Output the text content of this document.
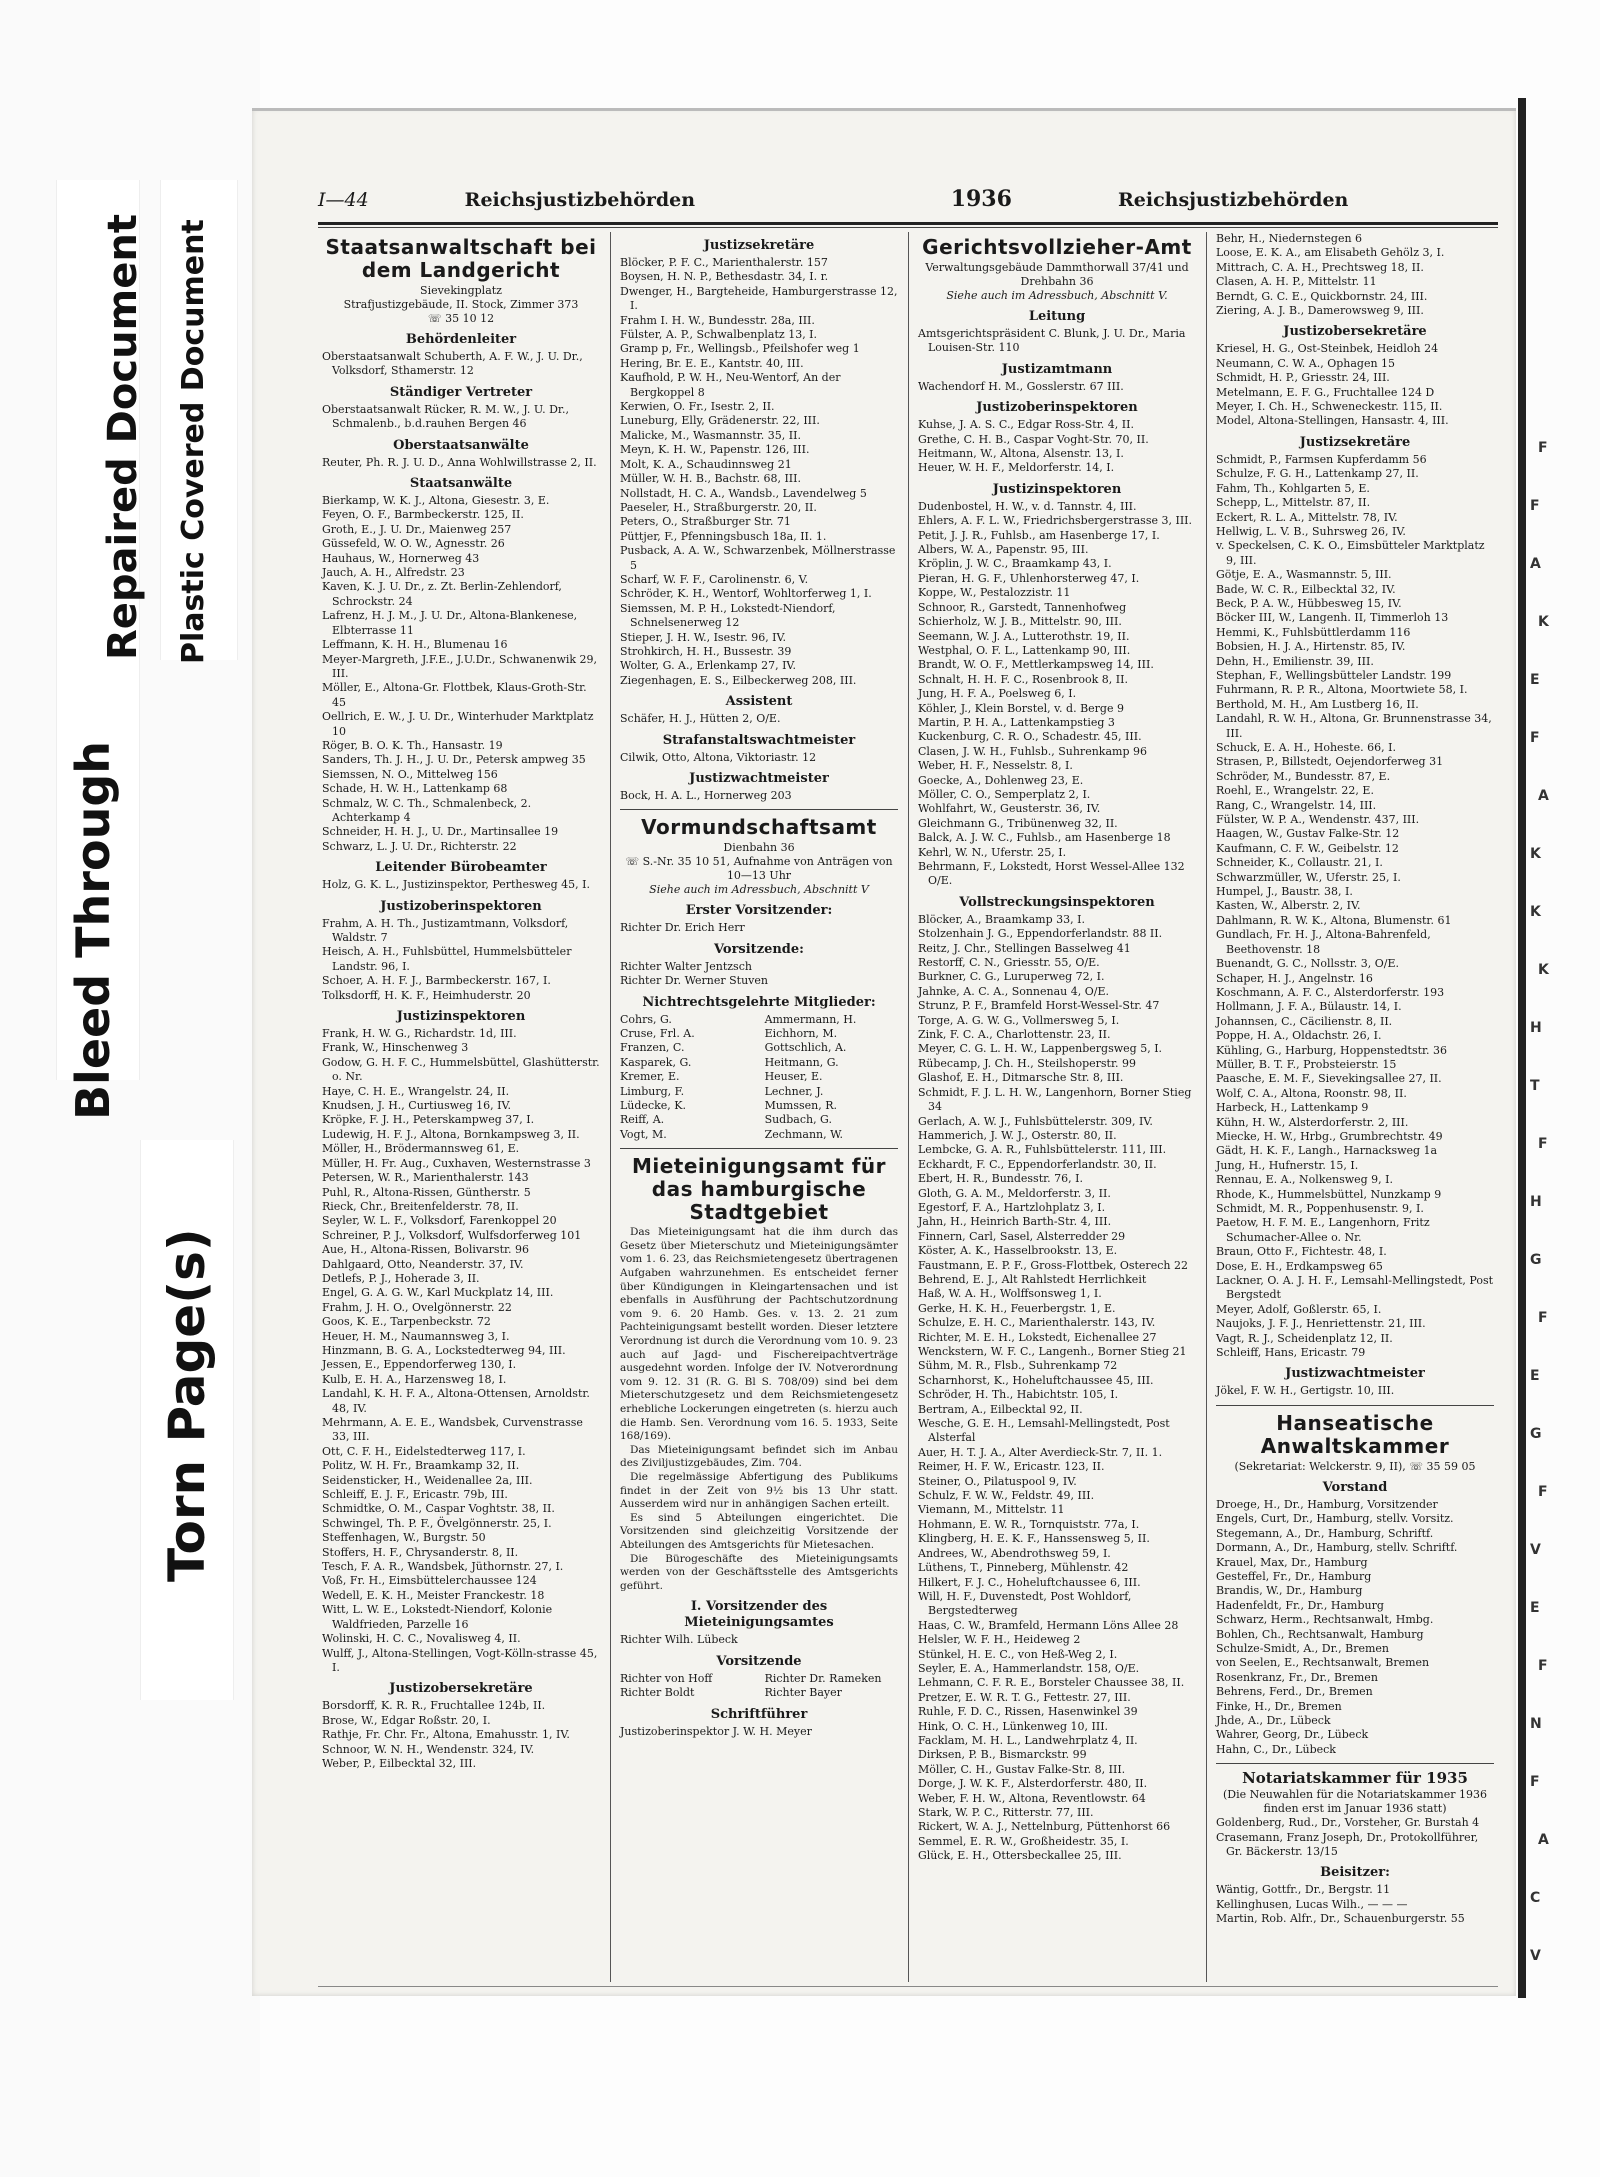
Bleed Through
Repaired Document Plastic Covered Document
Torn Page(s)
F
F
A
K
E
F
A
K
K
K
H
T
F
H
G
F
E
G
F
V
E
F
N
F
A
C
V
I—44	Reichsjustizbehörden	1936	Reichsjustizbehörden
Staatsanwaltschaft bei dem Landgericht
Sievekingplatz
Strafjustizgebäude, II. Stock, Zimmer 373
☏ 35 10 12
Behördenleiter
Oberstaatsanwalt Schuberth, A. F. W., J. U. Dr., Volksdorf, Sthamerstr. 12
Ständiger Vertreter
Oberstaatsanwalt Rücker, R. M. W., J. U. Dr., Schmalenb., b.d.rauhen Bergen 46
Oberstaatsanwälte
Reuter, Ph. R. J. U. D., Anna Wohlwillstrasse 2, II.
Staatsanwälte
Bierkamp, W. K. J., Altona, Giesestr. 3, E.
Feyen, O. F., Barmbeckerstr. 125, II.
Groth, E., J. U. Dr., Maienweg 257
Güssefeld, W. O. W., Agnesstr. 26
Hauhaus, W., Hornerweg 43
Jauch, A. H., Alfredstr. 23
Kaven, K. J. U. Dr., z. Zt. Berlin-Zehlendorf, Schrockstr. 24
Lafrenz, H. J. M., J. U. Dr., Altona-Blankenese, Elbterrasse 11
Leffmann, K. H. H., Blumenau 16
Meyer-Margreth, J.F.E., J.U.Dr., Schwanenwik 29, III.
Möller, E., Altona-Gr. Flottbek, Klaus-Groth-Str. 45
Oellrich, E. W., J. U. Dr., Winterhuder Marktplatz 10
Röger, B. O. K. Th., Hansastr. 19
Sanders, Th. J. H., J. U. Dr., Petersk ampweg 35
Siemssen, N. O., Mittelweg 156
Schade, H. W. H., Lattenkamp 68
Schmalz, W. C. Th., Schmalenbeck, 2. Achterkamp 4
Schneider, H. H. J., U. Dr., Martinsallee 19
Schwarz, L. J. U. Dr., Richterstr. 22
Leitender Bürobeamter
Holz, G. K. L., Justizinspektor, Perthesweg 45, I.
Justizoberinspektoren
Frahm, A. H. Th., Justizamtmann, Volksdorf, Waldstr. 7
Heisch, A. H., Fuhlsbüttel, Hummelsbütteler Landstr. 96, I.
Schoer, A. H. F. J., Barmbeckerstr. 167, I.
Tolksdorff, H. K. F., Heimhuderstr. 20
Justizinspektoren
Frank, H. W. G., Richardstr. 1d, III.
Frank, W., Hinschenweg 3
Godow, G. H. F. C., Hummelsbüttel, Glashütterstr. o. Nr.
Haye, C. H. E., Wrangelstr. 24, II.
Knudsen, J. H., Curtiusweg 16, IV.
Kröpke, F. J. H., Peterskampweg 37, I.
Ludewig, H. F. J., Altona, Bornkampsweg 3, II.
Möller, H., Brödermannsweg 61, E.
Müller, H. Fr. Aug., Cuxhaven, Westernstrasse 3
Petersen, W. R., Marienthalerstr. 143
Puhl, R., Altona-Rissen, Güntherstr. 5
Rieck, Chr., Breitenfelderstr. 78, II.
Seyler, W. L. F., Volksdorf, Farenkoppel 20
Schreiner, P. J., Volksdorf, Wulfsdorferweg 101
Aue, H., Altona-Rissen, Bolivarstr. 96
Dahlgaard, Otto, Neanderstr. 37, IV.
Detlefs, P. J., Hoherade 3, II.
Engel, G. A. G. W., Karl Muckplatz 14, III.
Frahm, J. H. O., Ovelgönnerstr. 22
Goos, K. E., Tarpenbeckstr. 72
Heuer, H. M., Naumannsweg 3, I.
Hinzmann, B. G. A., Lockstedterweg 94, III.
Jessen, E., Eppendorferweg 130, I.
Kulb, E. H. A., Harzensweg 18, I.
Landahl, K. H. F. A., Altona-Ottensen, Arnoldstr. 48, IV.
Mehrmann, A. E. E., Wandsbek, Curvenstrasse 33, III.
Ott, C. F. H., Eidelstedterweg 117, I.
Politz, W. H. Fr., Braamkamp 32, II.
Seidensticker, H., Weidenallee 2a, III.
Schleiff, E. J. F., Ericastr. 79b, III.
Schmidtke, O. M., Caspar Voghtstr. 38, II.
Schwingel, Th. P. F., Övelgönnerstr. 25, I.
Steffenhagen, W., Burgstr. 50
Stoffers, H. F., Chrysanderstr. 8, II.
Tesch, F. A. R., Wandsbek, Jüthornstr. 27, I.
Voß, Fr. H., Eimsbüttelerchaussee 124
Wedell, E. K. H., Meister Franckestr. 18
Witt, L. W. E., Lokstedt-Niendorf, Kolonie Waldfrieden, Parzelle 16
Wolinski, H. C. C., Novalisweg 4, II.
Wulff, J., Altona-Stellingen, Vogt-Kölln-strasse 45, I.
Justizobersekretäre
Borsdorff, K. R. R., Fruchtallee 124b, II.
Brose, W., Edgar Roßstr. 20, I.
Rathje, Fr. Chr. Fr., Altona, Emahusstr. 1, IV.
Schnoor, W. N. H., Wendenstr. 324, IV.
Weber, P., Eilbecktal 32, III.
Justizsekretäre
Blöcker, P. F. C., Marienthalerstr. 157
Boysen, H. N. P., Bethesdastr. 34, I. r.
Dwenger, H., Bargteheide, Hamburgerstrasse 12, I.
Frahm I. H. W., Bundesstr. 28a, III.
Fülster, A. P., Schwalbenplatz 13, I.
Gramp p, Fr., Wellingsb., Pfeilshofer weg 1
Hering, Br. E. E., Kantstr. 40, III.
Kaufhold, P. W. H., Neu-Wentorf, An der Bergkoppel 8
Kerwien, O. Fr., Isestr. 2, II.
Luneburg, Elly, Grädenerstr. 22, III.
Malicke, M., Wasmannstr. 35, II.
Meyn, K. H. W., Papenstr. 126, III.
Molt, K. A., Schaudinnsweg 21
Müller, W. H. B., Bachstr. 68, III.
Nollstadt, H. C. A., Wandsb., Lavendelweg 5
Paeseler, H., Straßburgerstr. 20, II.
Peters, O., Straßburger Str. 71
Püttjer, F., Pfenningsbusch 18a, II. 1.
Pusback, A. A. W., Schwarzenbek, Möllnerstrasse 5
Scharf, W. F. F., Carolinenstr. 6, V.
Schröder, K. H., Wentorf, Wohltorferweg 1, I.
Siemssen, M. P. H., Lokstedt-Niendorf, Schnelsenerweg 12
Stieper, J. H. W., Isestr. 96, IV.
Strohkirch, H. H., Bussestr. 39
Wolter, G. A., Erlenkamp 27, IV.
Ziegenhagen, E. S., Eilbeckerweg 208, III.
Assistent
Schäfer, H. J., Hütten 2, O/E.
Strafanstaltswachtmeister
Cilwik, Otto, Altona, Viktoriastr. 12
Justizwachtmeister
Bock, H. A. L., Hornerweg 203
Vormundschaftsamt
Dienbahn 36
☏ S.-Nr. 35 10 51, Aufnahme von Anträgen von 10—13 Uhr
Siehe auch im Adressbuch, Abschnitt V
Erster Vorsitzender:
Richter Dr. Erich Herr
Vorsitzende:
Richter Walter Jentzsch
Richter Dr. Werner Stuven
Nichtrechtsgelehrte Mitglieder:
Cohrs, G.	Ammermann, H.
Cruse, Frl. A.	Eichhorn, M.
Franzen, C.	Gottschlich, A.
Kasparek, G.	Heitmann, G.
Kremer, E.	Heuser, E.
Limburg, F.	Lechner, J.
Lüdecke, K.	Mumssen, R.
Reiff, A.	Sudbach, G.
Vogt, M.	Zechmann, W.
Mieteinigungsamt für das hamburgische Stadtgebiet
Das Mieteinigungsamt hat die ihm durch das Gesetz über Mieterschutz und Mieteinigungsämter vom 1. 6. 23, das Reichsmietengesetz übertragenen Aufgaben wahrzunehmen. Es entscheidet ferner über Kündigungen in Kleingartensachen und ist ebenfalls in Ausführung der Pachtschutzordnung vom 9. 6. 20 Hamb. Ges. v. 13. 2. 21 zum Pachteinigungsamt bestellt worden. Dieser letztere Verordnung ist durch die Verordnung vom 10. 9. 23 auch auf Jagd- und Fischereipachtverträge ausgedehnt worden. Infolge der IV. Notverordnung vom 9. 12. 31 (R. G. Bl S. 708/09) sind bei dem Mieterschutzgesetz und dem Reichsmietengesetz erhebliche Lockerungen eingetreten (s. hierzu auch die Hamb. Sen. Verordnung vom 16. 5. 1933, Seite 168/169).
Das Mieteinigungsamt befindet sich im Anbau des Ziviljustizgebäudes, Zim. 704.
Die regelmässige Abfertigung des Publikums findet in der Zeit von 9½ bis 13 Uhr statt. Ausserdem wird nur in anhängigen Sachen erteilt.
Es sind 5 Abteilungen eingerichtet. Die Vorsitzenden sind gleichzeitig Vorsitzende der Abteilungen des Amtsgerichts für Mietesachen.
Die Bürogeschäfte des Mieteinigungsamts werden von der Geschäftsstelle des Amtsgerichts geführt.
I. Vorsitzender des Mieteinigungsamtes
Richter Wilh. Lübeck
Vorsitzende
Richter von Hoff	Richter Dr. Rameken
Richter Boldt	Richter Bayer
Schriftführer
Justizoberinspektor J. W. H. Meyer
Gerichtsvollzieher-Amt
Verwaltungsgebäude Dammthorwall 37/41 und Drehbahn 36
Siehe auch im Adressbuch, Abschnitt V.
Leitung
Amtsgerichtspräsident C. Blunk, J. U. Dr., Maria Louisen-Str. 110
Justizamtmann
Wachendorf H. M., Gosslerstr. 67 III.
Justizoberinspektoren
Kuhse, J. A. S. C., Edgar Ross-Str. 4, II.
Grethe, C. H. B., Caspar Voght-Str. 70, II.
Heitmann, W., Altona, Alsenstr. 13, I.
Heuer, W. H. F., Meldorferstr. 14, I.
Justizinspektoren
Dudenbostel, H. W., v. d. Tannstr. 4, III.
Ehlers, A. F. L. W., Friedrichsbergerstrasse 3, III.
Petit, J. J. R., Fuhlsb., am Hasenberge 17, I.
Albers, W. A., Papenstr. 95, III.
Kröplin, J. W. C., Braamkamp 43, I.
Pieran, H. G. F., Uhlenhorsterweg 47, I.
Koppe, W., Pestalozzistr. 11
Schnoor, R., Garstedt, Tannenhofweg
Schierholz, W. J. B., Mittelstr. 90, III.
Seemann, W. J. A., Lutterothstr. 19, II.
Westphal, O. F. L., Lattenkamp 90, III.
Brandt, W. O. F., Mettlerkampsweg 14, III.
Schnalt, H. H. F. C., Rosenbrook 8, II.
Jung, H. F. A., Poelsweg 6, I.
Köhler, J., Klein Borstel, v. d. Berge 9
Martin, P. H. A., Lattenkampstieg 3
Kuckenburg, C. R. O., Schadestr. 45, III.
Clasen, J. W. H., Fuhlsb., Suhrenkamp 96
Weber, H. F., Nesselstr. 8, I.
Goecke, A., Dohlenweg 23, E.
Möller, C. O., Semperplatz 2, I.
Wohlfahrt, W., Geusterstr. 36, IV.
Gleichmann G., Tribünenweg 32, II.
Balck, A. J. W. C., Fuhlsb., am Hasenberge 18
Kehrl, W. N., Uferstr. 25, I.
Behrmann, F., Lokstedt, Horst Wessel-Allee 132 O/E.
Vollstreckungsinspektoren
Blöcker, A., Braamkamp 33, I.
Stolzenhain J. G., Eppendorferlandstr. 88 II.
Reitz, J. Chr., Stellingen Basselweg 41
Restorff, C. N., Griesstr. 55, O/E.
Burkner, C. G., Luruperweg 72, I.
Jahnke, A. C. A., Sonnenau 4, O/E.
Strunz, P. F., Bramfeld Horst-Wessel-Str. 47
Torge, A. G. W. G., Vollmersweg 5, I.
Zink, F. C. A., Charlottenstr. 23, II.
Meyer, C. G. L. H. W., Lappenbergsweg 5, I.
Rübecamp, J. Ch. H., Steilshoperstr. 99
Glashof, E. H., Ditmarsche Str. 8, III.
Schmidt, F. J. L. H. W., Langenhorn, Borner Stieg 34
Gerlach, A. W. J., Fuhlsbüttelerstr. 309, IV.
Hammerich, J. W. J., Osterstr. 80, II.
Lembcke, G. A. R., Fuhlsbüttelerstr. 111, III.
Eckhardt, F. C., Eppendorferlandstr. 30, II.
Ebert, H. R., Bundesstr. 76, I.
Gloth, G. A. M., Meldorferstr. 3, II.
Egestorf, F. A., Hartzlohplatz 3, I.
Jahn, H., Heinrich Barth-Str. 4, III.
Finnern, Carl, Sasel, Alsterredder 29
Köster, A. K., Hasselbrookstr. 13, E.
Faustmann, E. P. F., Gross-Flottbek, Osterech 22
Behrend, E. J., Alt Rahlstedt Herrlichkeit
Haß, W. A. H., Wolffsonsweg 1, I.
Gerke, H. K. H., Feuerbergstr. 1, E.
Schulze, E. H. C., Marienthalerstr. 143, IV.
Richter, M. E. H., Lokstedt, Eichenallee 27
Wenckstern, W. F. C., Langenh., Borner Stieg 21
Sühm, M. R., Flsb., Suhrenkamp 72
Scharnhorst, K., Hoheluftchaussee 45, III.
Schröder, H. Th., Habichtstr. 105, I.
Bertram, A., Eilbecktal 92, II.
Wesche, G. E. H., Lemsahl-Mellingstedt, Post Alsterfal
Auer, H. T. J. A., Alter Averdieck-Str. 7, II. 1.
Reimer, H. F. W., Ericastr. 123, II.
Steiner, O., Pilatuspool 9, IV.
Schulz, F. W. W., Feldstr. 49, III.
Viemann, M., Mittelstr. 11
Hohmann, E. W. R., Tornquiststr. 77a, I.
Klingberg, H. E. K. F., Hanssensweg 5, II.
Andrees, W., Abendrothsweg 59, I.
Lüthens, T., Pinneberg, Mühlenstr. 42
Hilkert, F. J. C., Hoheluftchaussee 6, III.
Will, H. F., Duvenstedt, Post Wohldorf, Bergstedterweg
Haas, C. W., Bramfeld, Hermann Löns Allee 28
Helsler, W. F. H., Heideweg 2
Stünkel, H. E. C., von Heß-Weg 2, I.
Seyler, E. A., Hammerlandstr. 158, O/E.
Lehmann, C. F. R. E., Borsteler Chaussee 38, II.
Pretzer, E. W. R. T. G., Fettestr. 27, III.
Ruhle, F. D. C., Rissen, Hasenwinkel 39
Hink, O. C. H., Lünkenweg 10, III.
Facklam, M. H. L., Landwehrplatz 4, II.
Dirksen, P. B., Bismarckstr. 99
Möller, C. H., Gustav Falke-Str. 8, III.
Dorge, J. W. K. F., Alsterdorferstr. 480, II.
Weber, F. H. W., Altona, Reventlowstr. 64
Stark, W. P. C., Ritterstr. 77, III.
Rickert, W. A. J., Nettelnburg, Püttenhorst 66
Semmel, E. R. W., Großheidestr. 35, I.
Glück, E. H., Ottersbeckallee 25, III.
Behr, H., Niedernstegen 6
Loose, E. K. A., am Elisabeth Gehölz 3, I.
Mittrach, C. A. H., Prechtsweg 18, II.
Clasen, A. H. P., Mittelstr. 11
Berndt, G. C. E., Quickbornstr. 24, III.
Ziering, A. J. B., Damerowsweg 9, III.
Justizobersekretäre
Kriesel, H. G., Ost-Steinbek, Heidloh 24
Neumann, C. W. A., Ophagen 15
Schmidt, H. P., Griesstr. 24, III.
Metelmann, E. F. G., Fruchtallee 124 D
Meyer, I. Ch. H., Schweneckestr. 115, II.
Model, Altona-Stellingen, Hansastr. 4, III.
Justizsekretäre
Schmidt, P., Farmsen Kupferdamm 56
Schulze, F. G. H., Lattenkamp 27, II.
Fahm, Th., Kohlgarten 5, E.
Schepp, L., Mittelstr. 87, II.
Eckert, R. L. A., Mittelstr. 78, IV.
Hellwig, L. V. B., Suhrsweg 26, IV.
v. Speckelsen, C. K. O., Eimsbütteler Marktplatz 9, III.
Götje, E. A., Wasmannstr. 5, III.
Bade, W. C. R., Eilbecktal 32, IV.
Beck, P. A. W., Hübbesweg 15, IV.
Böcker III, W., Langenh. II, Timmerloh 13
Hemmi, K., Fuhlsbüttlerdamm 116
Bobsien, H. J. A., Hirtenstr. 85, IV.
Dehn, H., Emilienstr. 39, III.
Stephan, F., Wellingsbütteler Landstr. 199
Fuhrmann, R. P. R., Altona, Moortwiete 58, I.
Berthold, M. H., Am Lustberg 16, II.
Landahl, R. W. H., Altona, Gr. Brunnenstrasse 34, III.
Schuck, E. A. H., Hoheste. 66, I.
Strasen, P., Billstedt, Oejendorferweg 31
Schröder, M., Bundesstr. 87, E.
Roehl, E., Wrangelstr. 22, E.
Rang, C., Wrangelstr. 14, III.
Fülster, W. P. A., Wendenstr. 437, III.
Haagen, W., Gustav Falke-Str. 12
Kaufmann, C. F. W., Geibelstr. 12
Schneider, K., Collaustr. 21, I.
Schwarzmüller, W., Uferstr. 25, I.
Humpel, J., Baustr. 38, I.
Kasten, W., Alberstr. 2, IV.
Dahlmann, R. W. K., Altona, Blumenstr. 61
Gundlach, Fr. H. J., Altona-Bahrenfeld, Beethovenstr. 18
Buenandt, G. C., Nollsstr. 3, O/E.
Schaper, H. J., Angelnstr. 16
Koschmann, A. F. C., Alsterdorferstr. 193
Hollmann, J. F. A., Bülaustr. 14, I.
Johannsen, C., Cäcilienstr. 8, II.
Poppe, H. A., Oldachstr. 26, I.
Kühling, G., Harburg, Hoppenstedtstr. 36
Müller, B. T. F., Probsteierstr. 15
Paasche, E. M. F., Sievekingsallee 27, II.
Wolf, C. A., Altona, Roonstr. 98, II.
Harbeck, H., Lattenkamp 9
Kühn, H. W., Alsterdorferstr. 2, III.
Miecke, H. W., Hrbg., Grumbrechtstr. 49
Gädt, H. K. F., Langh., Harnacksweg 1a
Jung, H., Hufnerstr. 15, I.
Rennau, E. A., Nolkensweg 9, I.
Rhode, K., Hummelsbüttel, Nunzkamp 9
Schmidt, M. R., Poppenhusenstr. 9, I.
Paetow, H. F. M. E., Langenhorn, Fritz Schumacher-Allee o. Nr.
Braun, Otto F., Fichtestr. 48, I.
Dose, E. H., Erdkampsweg 65
Lackner, O. A. J. H. F., Lemsahl-Mellingstedt, Post Bergstedt
Meyer, Adolf, Goßlerstr. 65, I.
Naujoks, J. F. J., Henriettenstr. 21, III.
Vagt, R. J., Scheidenplatz 12, II.
Schleiff, Hans, Ericastr. 79
Justizwachtmeister
Jökel, F. W. H., Gertigstr. 10, III.
Hanseatische Anwaltskammer
(Sekretariat: Welckerstr. 9, II), ☏ 35 59 05
Vorstand
Droege, H., Dr., Hamburg, Vorsitzender
Engels, Curt, Dr., Hamburg, stellv. Vorsitz.
Stegemann, A., Dr., Hamburg, Schriftf.
Dormann, A., Dr., Hamburg, stellv. Schriftf.
Krauel, Max, Dr., Hamburg
Gesteffel, Fr., Dr., Hamburg
Brandis, W., Dr., Hamburg
Hadenfeldt, Fr., Dr., Hamburg
Schwarz, Herm., Rechtsanwalt, Hmbg.
Bohlen, Ch., Rechtsanwalt, Hamburg
Schulze-Smidt, A., Dr., Bremen
von Seelen, E., Rechtsanwalt, Bremen
Rosenkranz, Fr., Dr., Bremen
Behrens, Ferd., Dr., Bremen
Finke, H., Dr., Bremen
Jhde, A., Dr., Lübeck
Wahrer, Georg, Dr., Lübeck
Hahn, C., Dr., Lübeck
Notariatskammer für 1935
(Die Neuwahlen für die Notariatskammer 1936 finden erst im Januar 1936 statt)
Goldenberg, Rud., Dr., Vorsteher, Gr. Burstah 4
Crasemann, Franz Joseph, Dr., Protokollführer, Gr. Bäckerstr. 13/15
Beisitzer:
Wäntig, Gottfr., Dr., Bergstr. 11
Kellinghusen, Lucas Wilh., — — —
Martin, Rob. Alfr., Dr., Schauenburgerstr. 55
